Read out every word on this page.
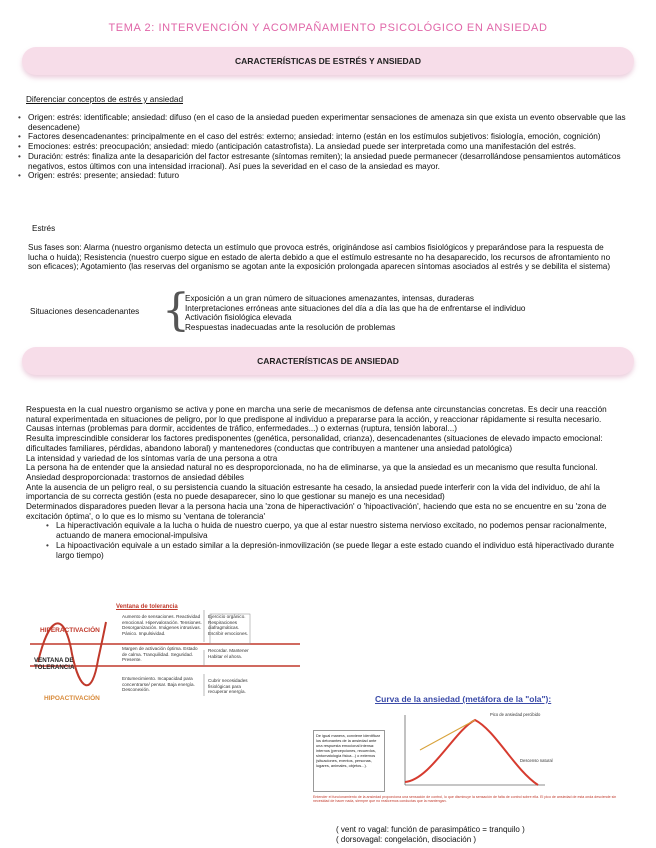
TEMA 2: INTERVENCIÓN Y ACOMPAÑAMIENTO PSICOLÓGICO EN ANSIEDAD
CARACTERÍSTICAS DE ESTRÉS Y ANSIEDAD
Diferenciar conceptos de estrés y ansiedad
• Origen: estrés: identificable; ansiedad: difuso (en el caso de la ansiedad pueden experimentar sensaciones de amenaza sin que exista un evento observable que las desencadene)
• Factores desencadenantes: principalmente en el caso del estrés: externo; ansiedad: interno (están en los estímulos subjetivos: fisiología, emoción, cognición)
• Emociones: estrés: preocupación; ansiedad: miedo (anticipación catastrofista). La ansiedad puede ser interpretada como una manifestación del estrés.
• Duración: estrés: finaliza ante la desaparición del factor estresante (síntomas remiten); la ansiedad puede permanecer (desarrollándose pensamientos automáticos negativos, estos últimos con una intensidad irracional). Así pues la severidad en el caso de la ansiedad es mayor.
• Origen: estrés: presente; ansiedad: futuro
Estrés
Sus fases son: Alarma (nuestro organismo detecta un estímulo que provoca estrés, originándose así cambios fisiológicos y preparándose para la respuesta de lucha o huida); Resistencia (nuestro cuerpo sigue en estado de alerta debido a que el estímulo estresante no ha desaparecido, los recursos de afrontamiento no son eficaces); Agotamiento (las reservas del organismo se agotan ante la exposición prolongada aparecen síntomas asociados al estrés y se debilita el sistema)
Situaciones desencadenantes {
Exposición a un gran número de situaciones amenazantes, intensas, duraderas
Interpretaciones erróneas ante situaciones del día a día las que ha de enfrentarse el individuo
Activación fisiológica elevada
Respuestas inadecuadas ante la resolución de problemas
CARACTERÍSTICAS DE ANSIEDAD
Respuesta en la cual nuestro organismo se activa y pone en marcha una serie de mecanismos de defensa ante circunstancias concretas. Es decir una reacción natural experimentada en situaciones de peligro, por lo que predispone al individuo a prepararse para la acción, y reaccionar rápidamente si resulta necesario. Causas internas (problemas para dormir, accidentes de tráfico, enfermedades...) o externas (ruptura, tensión laboral...)
Resulta imprescindible considerar los factores predisponentes (genética, personalidad, crianza), desencadenantes (situaciones de elevado impacto emocional: dificultades familiares, pérdidas, abandono laboral) y mantenedores (conductas que contribuyen a mantener una ansiedad patológica)
La intensidad y variedad de los síntomas varía de una persona a otra
La persona ha de entender que la ansiedad natural no es desproporcionada, no ha de eliminarse, ya que la ansiedad es un mecanismo que resulta funcional. Ansiedad desproporcionada: trastornos de ansiedad débiles
Ante la ausencia de un peligro real, o su persistencia cuando la situación estresante ha cesado, la ansiedad puede interferir con la vida del individuo, de ahí la importancia de su correcta gestión (esta no puede desaparecer, sino lo que gestionar su manejo es una necesidad)
Determinados disparadores pueden llevar a la persona hacia una 'zona de hiperactivación' o 'hipoactivación', haciendo que esta no se encuentre en su 'zona de excitación óptima', o lo que es lo mismo su 'ventana de tolerancia'
• La hiperactivación equivale a la lucha o huida de nuestro cuerpo, ya que al estar nuestro sistema nervioso excitado, no podemos pensar racionalmente, actuando de manera emocional-impulsiva
• La hipoactivación equivale a un estado similar a la depresión-inmovilización (se puede llegar a este estado cuando el individuo está hiperactivado durante largo tiempo)
Ventana de tolerancia
HIPERACTIVACIÓN
VENTANA DE TOLERANCIA
HIPOACTIVACIÓN
Aumento de sensaciones. Reactividad emocional. Hipervaloración. Tensiones. Desorganización. Imágenes intrusivas. Pánico. Impulsividad.
Margen de activación óptima. Estado de calma. Tranquilidad. Seguridad. Presente.
Entumecimiento. Incapacidad para concentrarse/ pensar. Baja energía. Desconexión.
Ejercicio orgánico. Respiraciones diafragmáticas. Escribir emociones.
Recordar. Mantener Habitar el ahora.
Cubrir necesidades fisiológicas para recuperar energía.
Curva de la ansiedad (metáfora de la "ola"):
De igual manera, conviene identificar los detonantes de la ansiedad ante una respuesta emocional intensa: internos (percepciones, recuerdos, sintomatología física...) o externos (situaciones, eventos, personas, lugares, animales, objetos...).
Pico de ansiedad percibido
Descenso natural
Entender el funcionamiento de la ansiedad proporciona una sensación de control, lo que disminuye la sensación de falta de control sobre ella. El pico de ansiedad de esta onda desciende sin necesidad de hacer nada, siempre que no realicemos conductas que la mantengan.
( vent ro vagal: función de parasimpático = tranquilo )
( dorsovagal: congelación, disociación )
